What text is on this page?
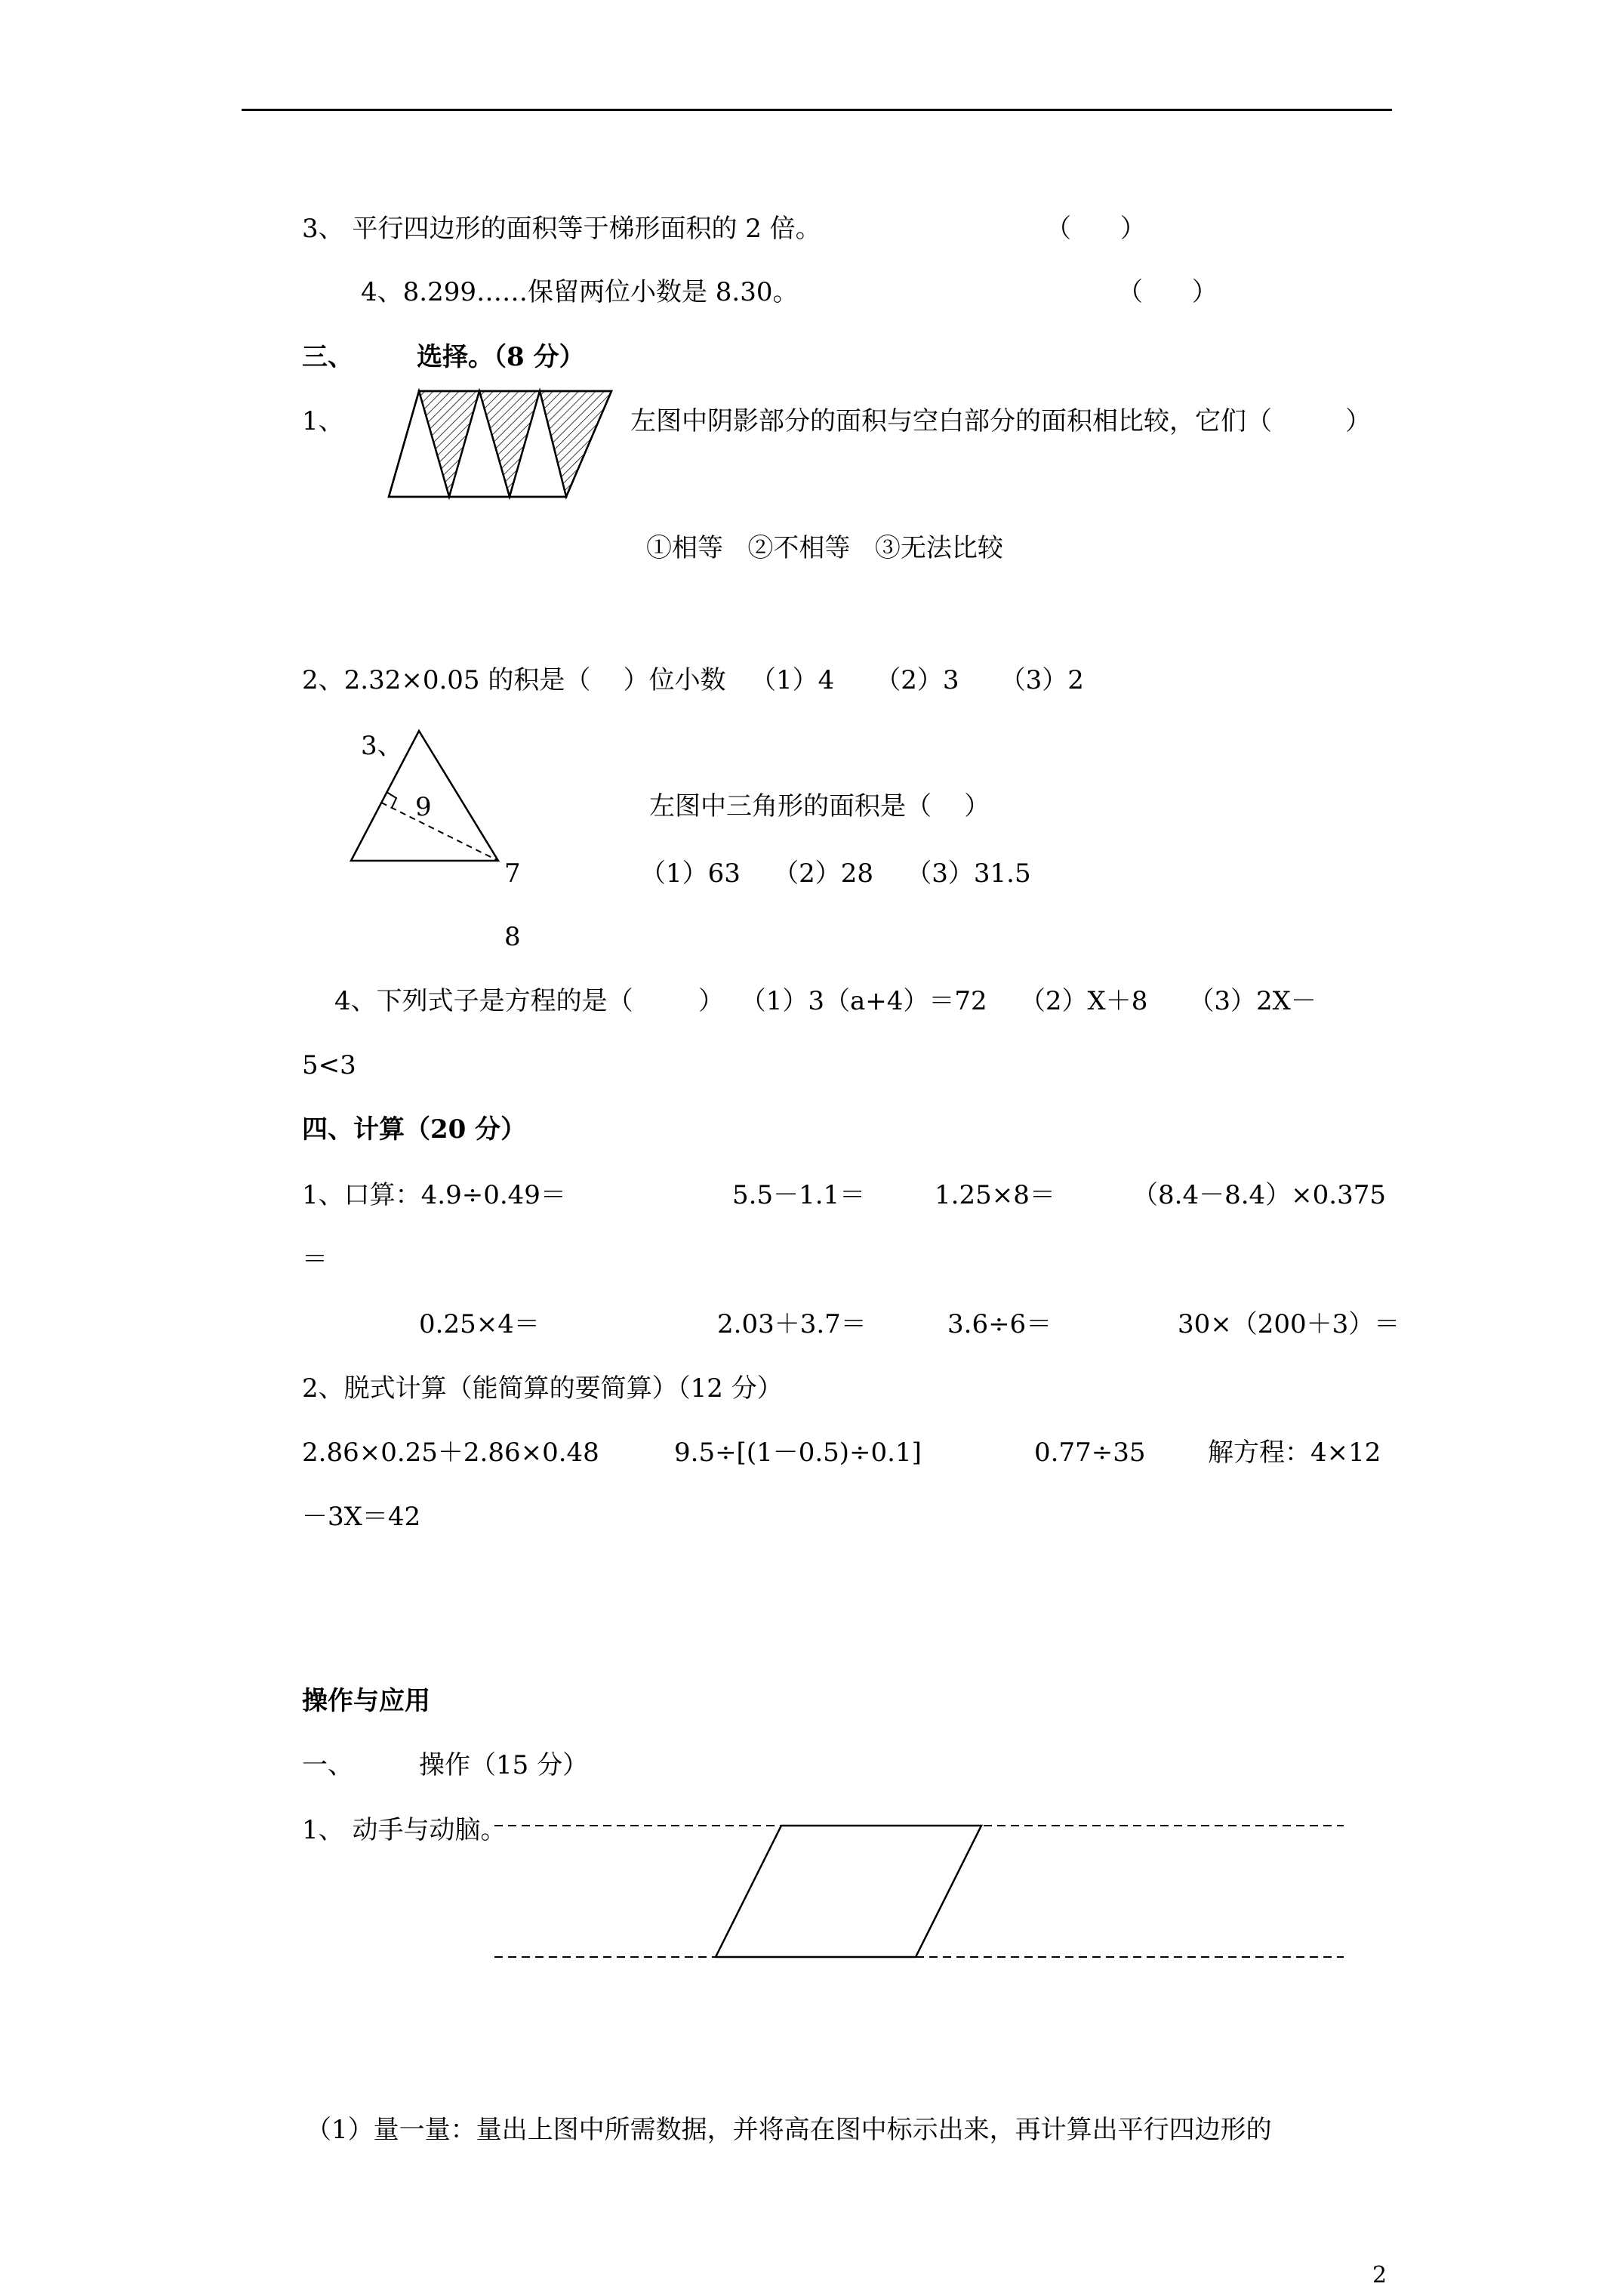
3、 平行四边形的面积等于梯形面积的 2 倍。	（      ）
4、8.299……保留两位小数是 8.30。	（      ）
三、 选择。（8 分）
1、	左图中阴影部分的面积与空白部分的面积相比较，它们（         ）
①相等   ②不相等   ③无法比较
2、2.32×0.05 的积是（    ）位小数   （1）4     （2）3     （3）2
3、
9
7
8
左图中三角形的面积是（    ）
（1）63    （2）28    （3）31.5
4、下列式子是方程的是（        ）  （1）3（a+4）＝72    （2）X＋8     （3）2X－
5<3
四、计算（20 分）
1、口算：4.9÷0.49＝	5.5－1.1＝	1.25×8＝	（8.4－8.4）×0.375
＝
0.25×4＝	2.03＋3.7＝	3.6÷6＝	30×（200＋3）＝
2、脱式计算（能简算的要简算）（12 分）
2.86×0.25＋2.86×0.48	9.5÷[(1－0.5)÷0.1]	0.77÷35 解方程：4×12
－3X＝42
操作与应用
一、	操作（15 分）
1、 动手与动脑。
（1）量一量：量出上图中所需数据，并将高在图中标示出来，再计算出平行四边形的
2
